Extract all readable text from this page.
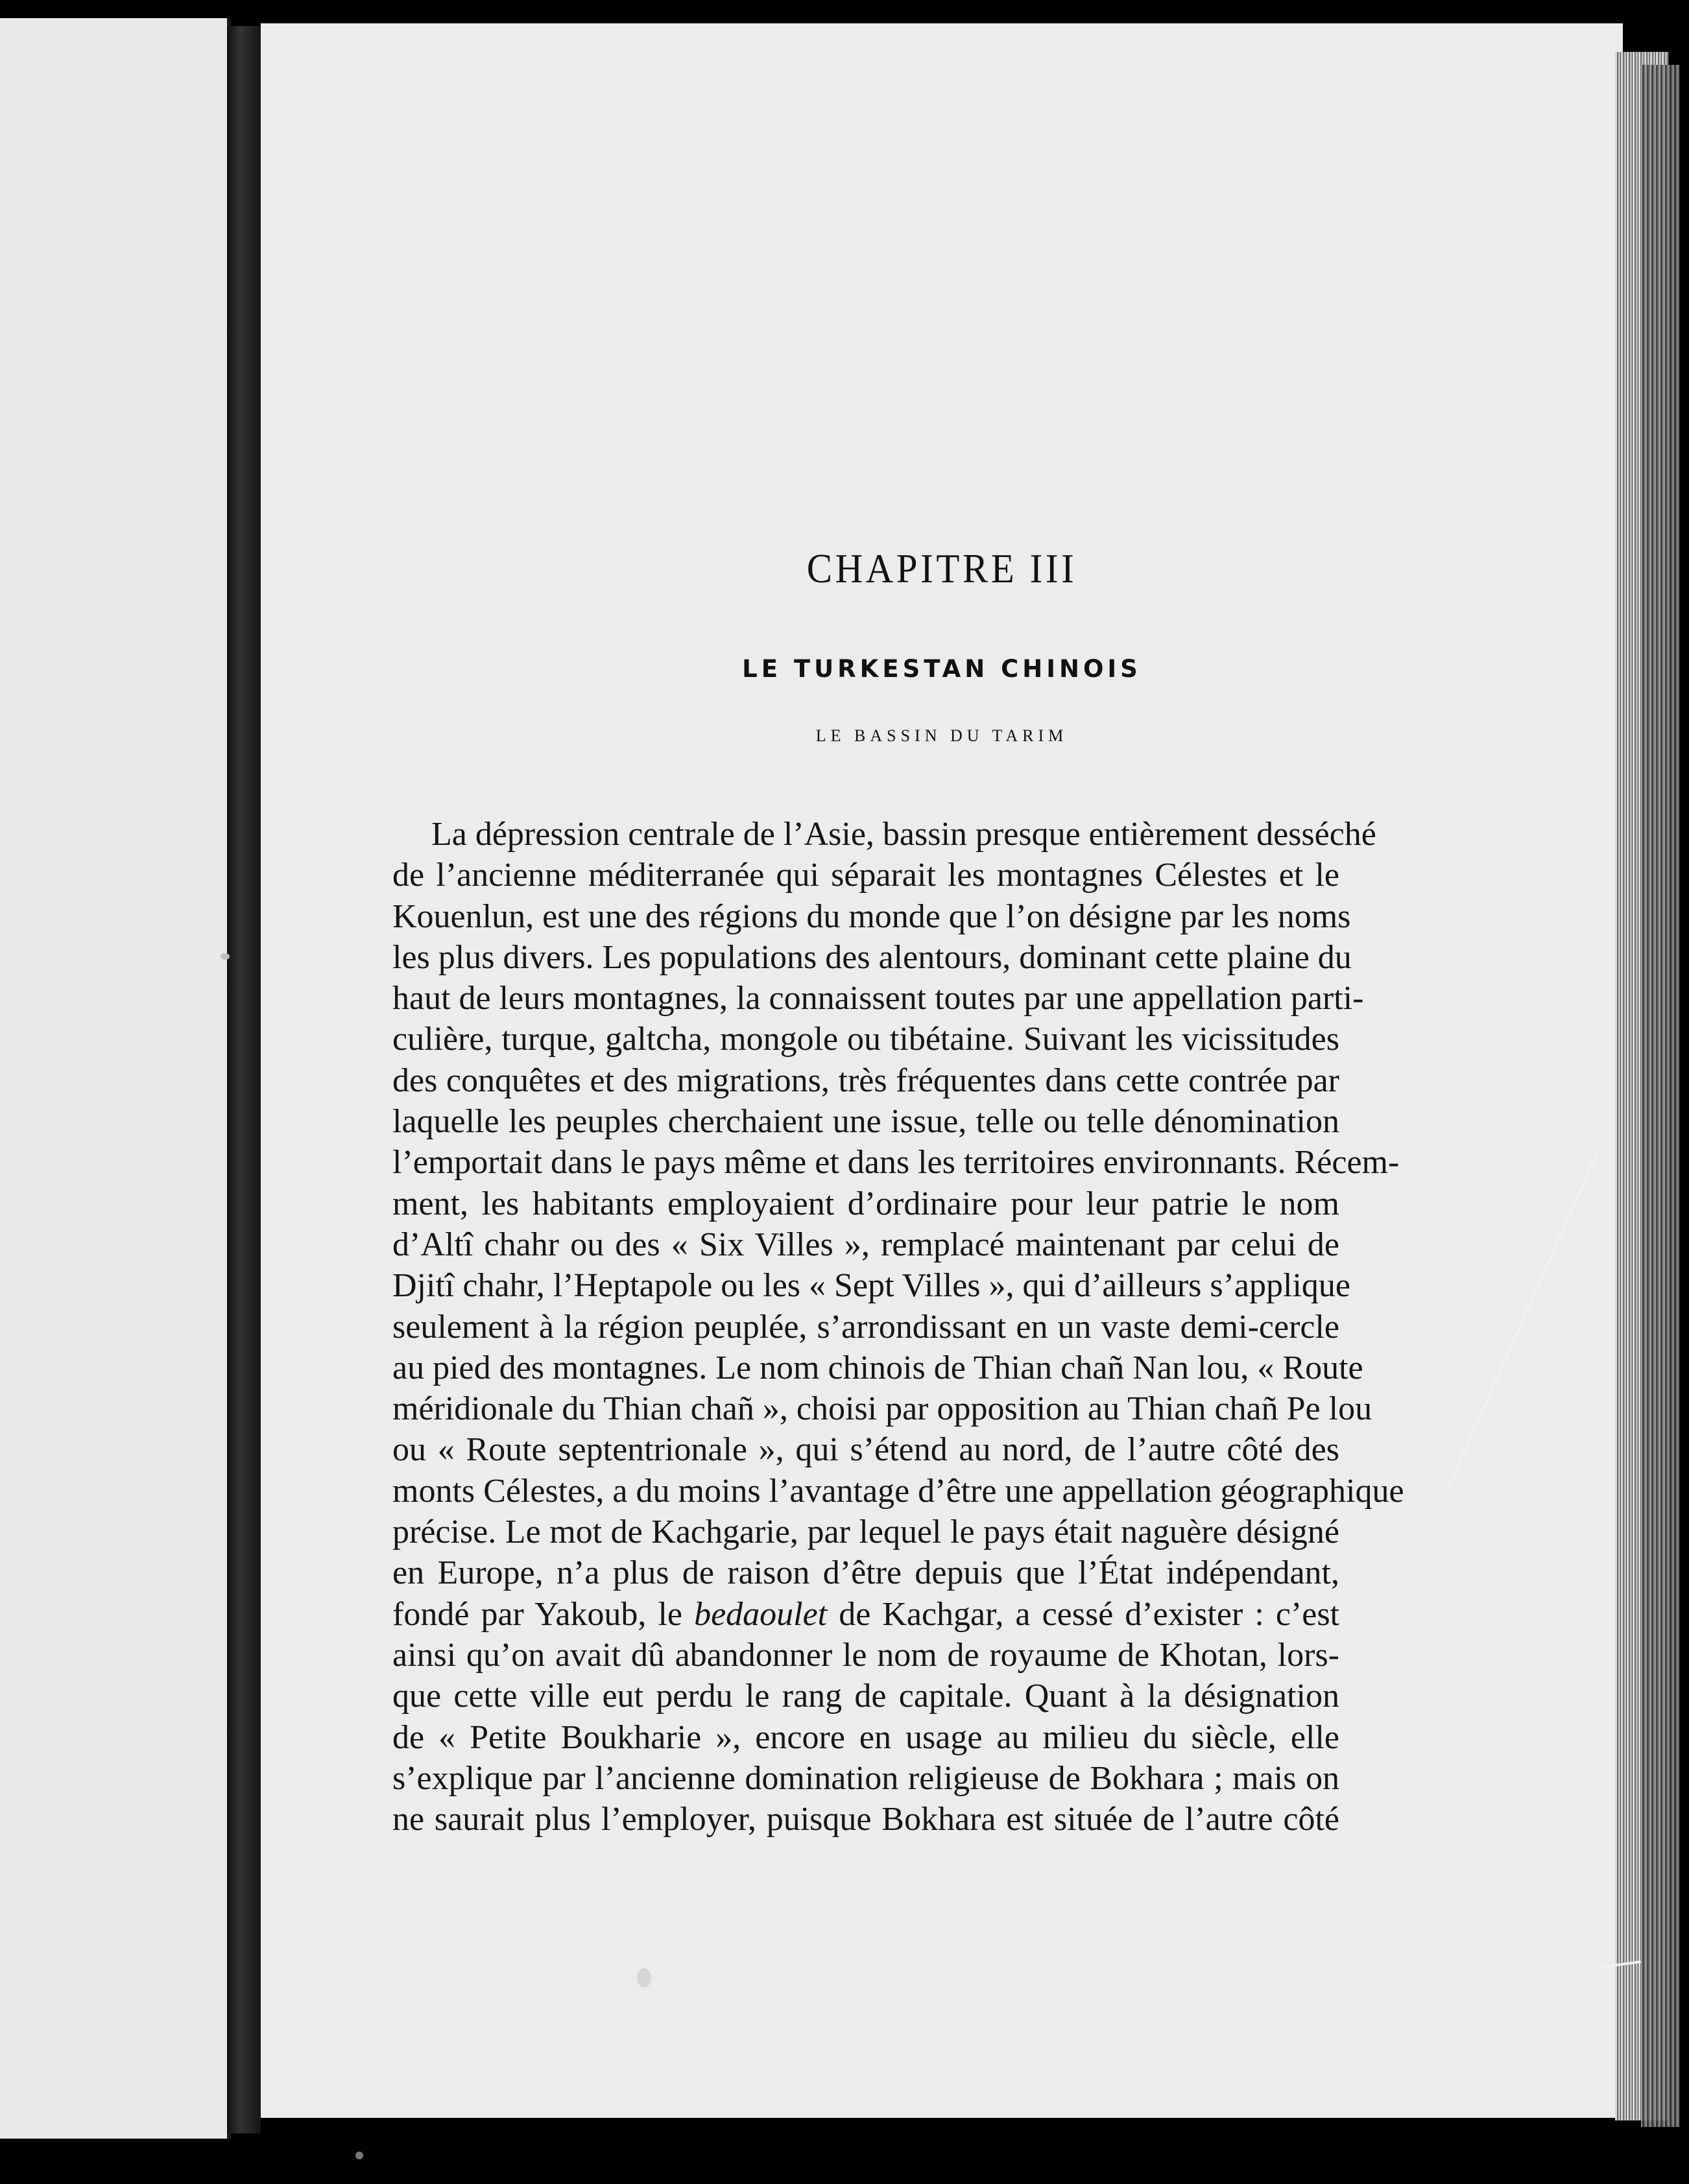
CHAPITRE III
LE TURKESTAN CHINOIS
LE BASSIN DU TARIM
La dépression centrale de l’Asie, bassin presque entièrement desséché
de l’ancienne méditerranée qui séparait les montagnes Célestes et le
Kouenlun, est une des régions du monde que l’on désigne par les noms
les plus divers. Les populations des alentours, dominant cette plaine du
haut de leurs montagnes, la connaissent toutes par une appellation parti-
culière, turque, galtcha, mongole ou tibétaine. Suivant les vicissitudes
des conquêtes et des migrations, très fréquentes dans cette contrée par
laquelle les peuples cherchaient une issue, telle ou telle dénomination
l’emportait dans le pays même et dans les territoires environnants. Récem-
ment, les habitants employaient d’ordinaire pour leur patrie le nom
d’Altî chahr ou des « Six Villes », remplacé maintenant par celui de
Djitî chahr, l’Heptapole ou les « Sept Villes », qui d’ailleurs s’applique
seulement à la région peuplée, s’arrondissant en un vaste demi-cercle
au pied des montagnes. Le nom chinois de Thian chañ Nan lou, « Route
méridionale du Thian chañ », choisi par opposition au Thian chañ Pe lou
ou « Route septentrionale », qui s’étend au nord, de l’autre côté des
monts Célestes, a du moins l’avantage d’être une appellation géographique
précise. Le mot de Kachgarie, par lequel le pays était naguère désigné
en Europe, n’a plus de raison d’être depuis que l’État indépendant,
fondé par Yakoub, le bedaoulet de Kachgar, a cessé d’exister : c’est
ainsi qu’on avait dû abandonner le nom de royaume de Khotan, lors-
que cette ville eut perdu le rang de capitale. Quant à la désignation
de « Petite Boukharie », encore en usage au milieu du siècle, elle
s’explique par l’ancienne domination religieuse de Bokhara ; mais on
ne saurait plus l’employer, puisque Bokhara est située de l’autre côté
